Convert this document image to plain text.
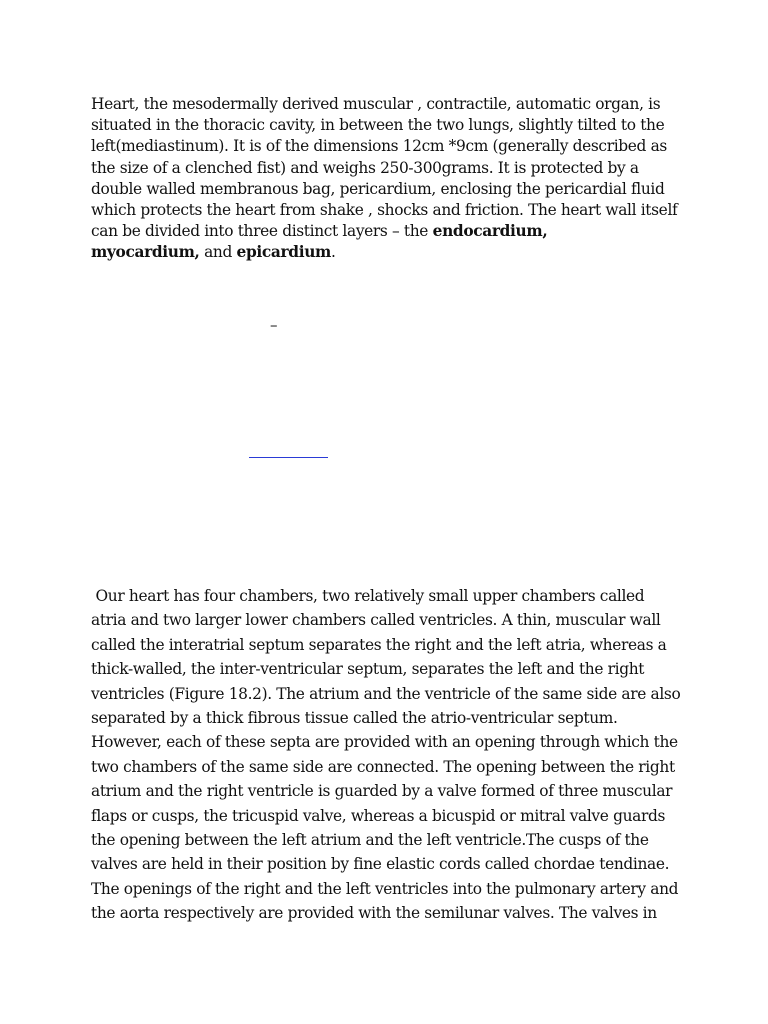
Heart, the mesodermally derived muscular , contractile, automatic organ, is
situated in the thoracic cavity, in between the two lungs, slightly tilted to the
left(mediastinum). It is of the dimensions 12cm *9cm (generally described as
the size of a clenched fist) and weighs 250-300grams. It is protected by a
double walled membranous bag, pericardium, enclosing the pericardial fluid
which protects the heart from shake , shocks and friction. The heart wall itself
can be divided into three distinct layers – the endocardium,
myocardium, and epicardium.
–
Our heart has four chambers, two relatively small upper chambers called
atria and two larger lower chambers called ventricles. A thin, muscular wall
called the interatrial septum separates the right and the left atria, whereas a
thick-walled, the inter-ventricular septum, separates the left and the right
ventricles (Figure 18.2). The atrium and the ventricle of the same side are also
separated by a thick fibrous tissue called the atrio-ventricular septum.
However, each of these septa are provided with an opening through which the
two chambers of the same side are connected. The opening between the right
atrium and the right ventricle is guarded by a valve formed of three muscular
flaps or cusps, the tricuspid valve, whereas a bicuspid or mitral valve guards
the opening between the left atrium and the left ventricle.The cusps of the
valves are held in their position by fine elastic cords called chordae tendinae.
The openings of the right and the left ventricles into the pulmonary artery and
the aorta respectively are provided with the semilunar valves. The valves in
